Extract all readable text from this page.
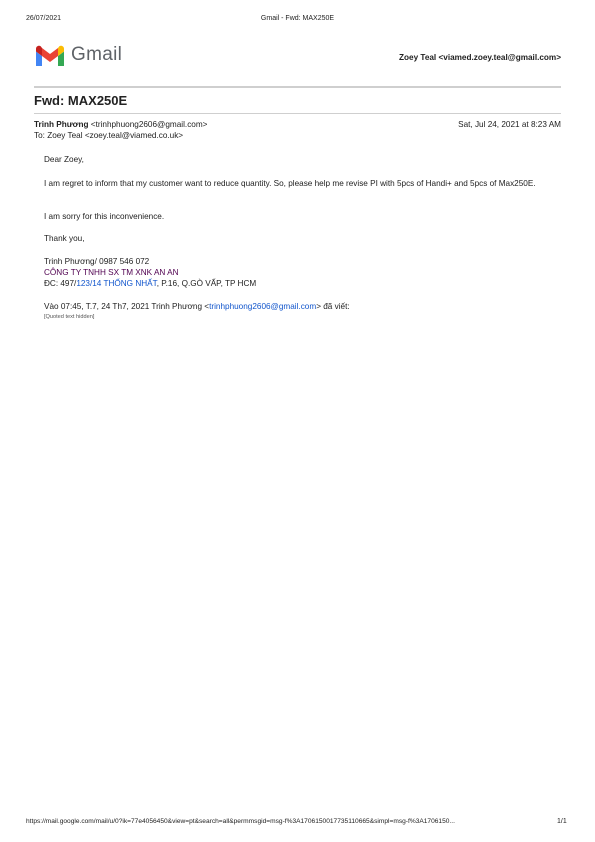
26/07/2021	Gmail - Fwd: MAX250E
Gmail	Zoey Teal <viamed.zoey.teal@gmail.com>
Fwd: MAX250E
Trinh Phương <trinhphuong2606@gmail.com>	Sat, Jul 24, 2021 at 8:23 AM
To: Zoey Teal <zoey.teal@viamed.co.uk>
Dear Zoey,
I am regret to inform that my customer want to reduce quantity. So, please help me revise PI with 5pcs of Handi+ and 5pcs of Max250E.
I am sorry for this inconvenience.
Thank you,
Trinh Phương/ 0987 546 072
CÔNG TY TNHH SX TM XNK AN AN
ĐC: 497/123/14 THỐNG NHẤT, P.16, Q.GÒ VẤP, TP HCM
Vào 07:45, T.7, 24 Th7, 2021 Trinh Phương <trinhphuong2606@gmail.com> đã viết:
[Quoted text hidden]
https://mail.google.com/mail/u/0?ik=77e4056450&view=pt&search=all&permmsgid=msg-f%3A1706150017735110665&simpl=msg-f%3A1706150...	1/1
